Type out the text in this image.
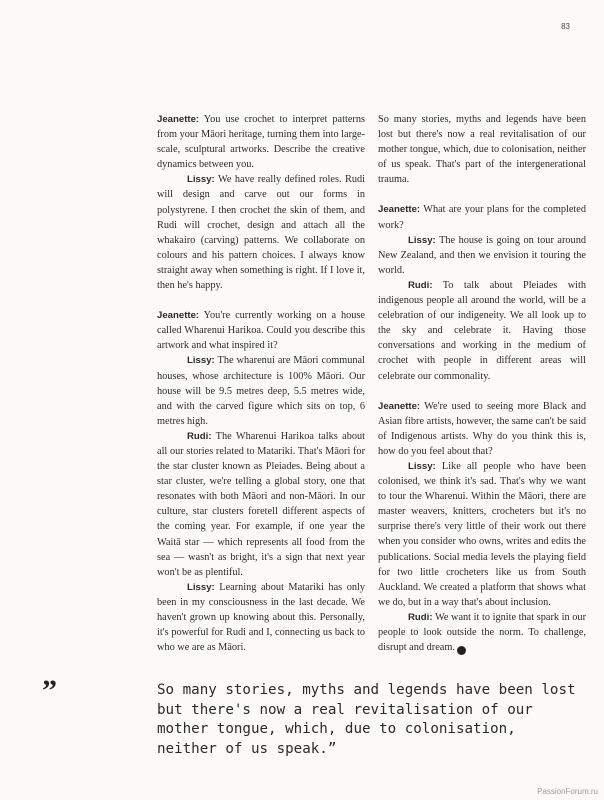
83

Jeanette: You use crochet to interpret patterns from your Māori heritage, turning them into large-scale, sculptural artworks. Describe the creative dynamics between you.

Lissy: We have really defined roles. Rudi will design and carve out our forms in polystyrene. I then crochet the skin of them, and Rudi will crochet, design and attach all the whakairo (carving) patterns. We collaborate on colours and his pattern choices. I always know straight away when something is right. If I love it, then he's happy.

Jeanette: You're currently working on a house called Wharenui Harikoa. Could you describe this artwork and what inspired it?

Lissy: The wharenui are Māori communal houses, whose architecture is 100% Māori. Our house will be 9.5 metres deep, 5.5 metres wide, and with the carved figure which sits on top, 6 metres high.

Rudi: The Wharenui Harikoa talks about all our stories related to Matariki. That's Māori for the star cluster known as Pleiades. Being about a star cluster, we're telling a global story, one that resonates with both Māori and non-Māori. In our culture, star clusters foretell different aspects of the coming year. For example, if one year the Waitā star — which represents all food from the sea — wasn't as bright, it's a sign that next year won't be as plentiful.

Lissy: Learning about Matariki has only been in my consciousness in the last decade. We haven't grown up knowing about this. Personally, it's powerful for Rudi and I, connecting us back to who we are as Māori.

So many stories, myths and legends have been lost but there's now a real revitalisation of our mother tongue, which, due to colonisation, neither of us speak. That's part of the intergenerational trauma.

Jeanette: What are your plans for the completed work?

Lissy: The house is going on tour around New Zealand, and then we envision it touring the world.

Rudi: To talk about Pleiades with indigenous people all around the world, will be a celebration of our indigeneity. We all look up to the sky and celebrate it. Having those conversations and working in the medium of crochet with people in different areas will celebrate our commonality.

Jeanette: We're used to seeing more Black and Asian fibre artists, however, the same can't be said of Indigenous artists. Why do you think this is, how do you feel about that?

Lissy: Like all people who have been colonised, we think it's sad. That's why we want to tour the Wharenui. Within the Māori, there are master weavers, knitters, crocheters but it's no surprise there's very little of their work out there when you consider who owns, writes and edits the publications. Social media levels the playing field for two little crocheters like us from South Auckland. We created a platform that shows what we do, but in a way that's about inclusion.

Rudi: We want it to ignite that spark in our people to look outside the norm. To challenge, disrupt and dream.	L

”	So many stories, myths and legends have been lost but there's now a real revitalisation of our mother tongue, which, due to colonisation, neither of us speak.”

PassionForum.ru
